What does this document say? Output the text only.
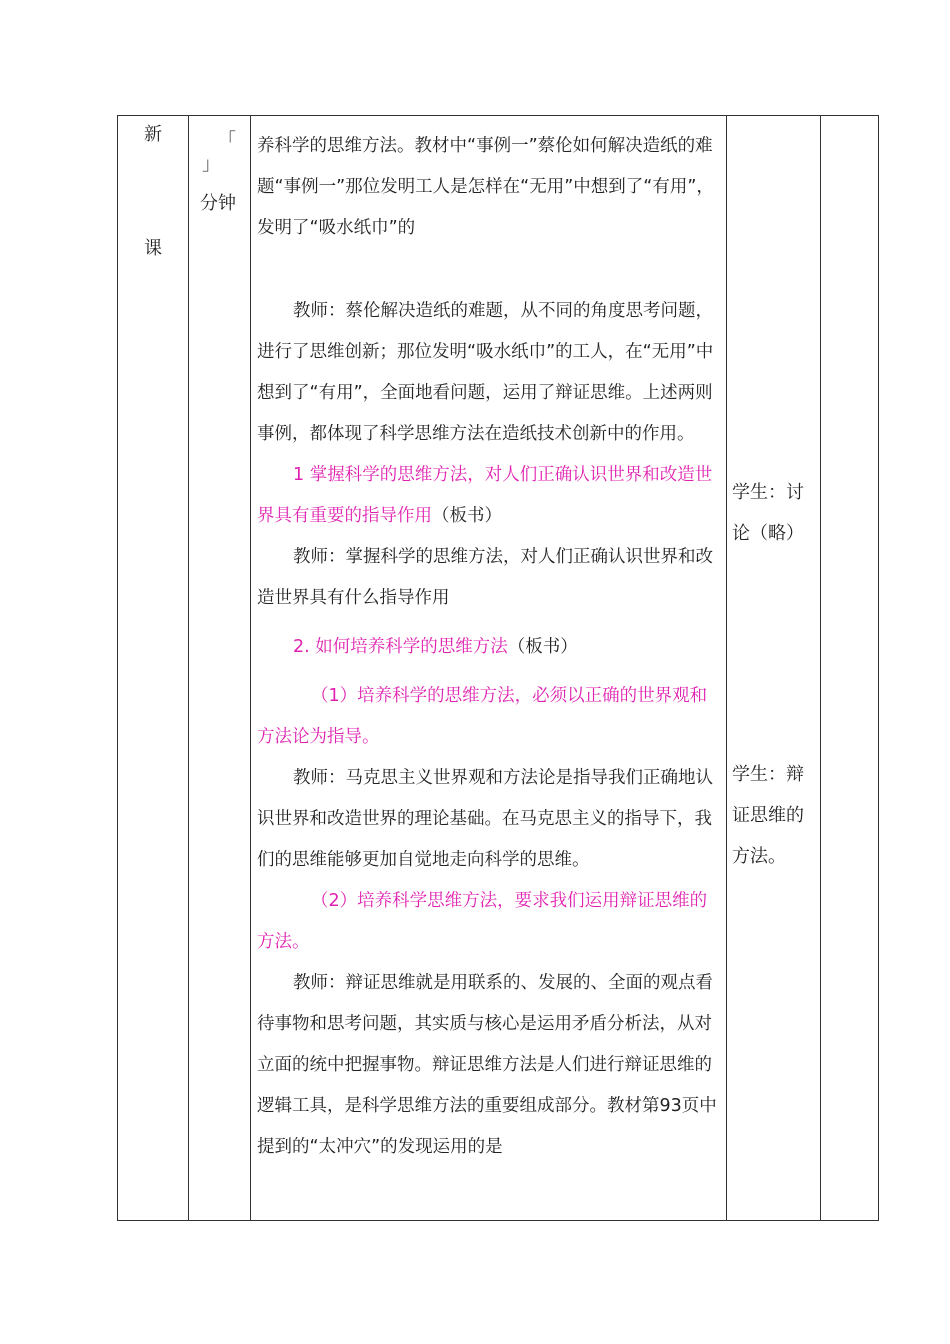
新
课
「
」
分钟

养科学的思维方法。教材中“事例一”蔡伦如何解决造纸的难题“事例一”那位发明工人是怎样在“无用”中想到了“有用”，发明了“吸水纸巾”的

教师：蔡伦解决造纸的难题，从不同的角度思考问题，进行了思维创新；那位发明“吸水纸巾”的工人，在“无用”中想到了“有用”，全面地看问题，运用了辩证思维。上述两则事例，都体现了科学思维方法在造纸技术创新中的作用。

1 掌握科学的思维方法，对人们正确认识世界和改造世界具有重要的指导作用（板书）

教师：掌握科学的思维方法，对人们正确认识世界和改造世界具有什么指导作用

2. 如何培养科学的思维方法（板书）

（1）培养科学的思维方法，必须以正确的世界观和方法论为指导。

教师：马克思主义世界观和方法论是指导我们正确地认识世界和改造世界的理论基础。在马克思主义的指导下，我们的思维能够更加自觉地走向科学的思维。

（2）培养科学思维方法，要求我们运用辩证思维的方法。

教师：辩证思维就是用联系的、发展的、全面的观点看待事物和思考问题，其实质与核心是运用矛盾分析法，从对立面的统中把握事物。辩证思维方法是人们进行辩证思维的逻辑工具，是科学思维方法的重要组成部分。教材第93页中提到的“太冲穴”的发现运用的是

学生：讨论（略）
学生：辩证思维的方法。
